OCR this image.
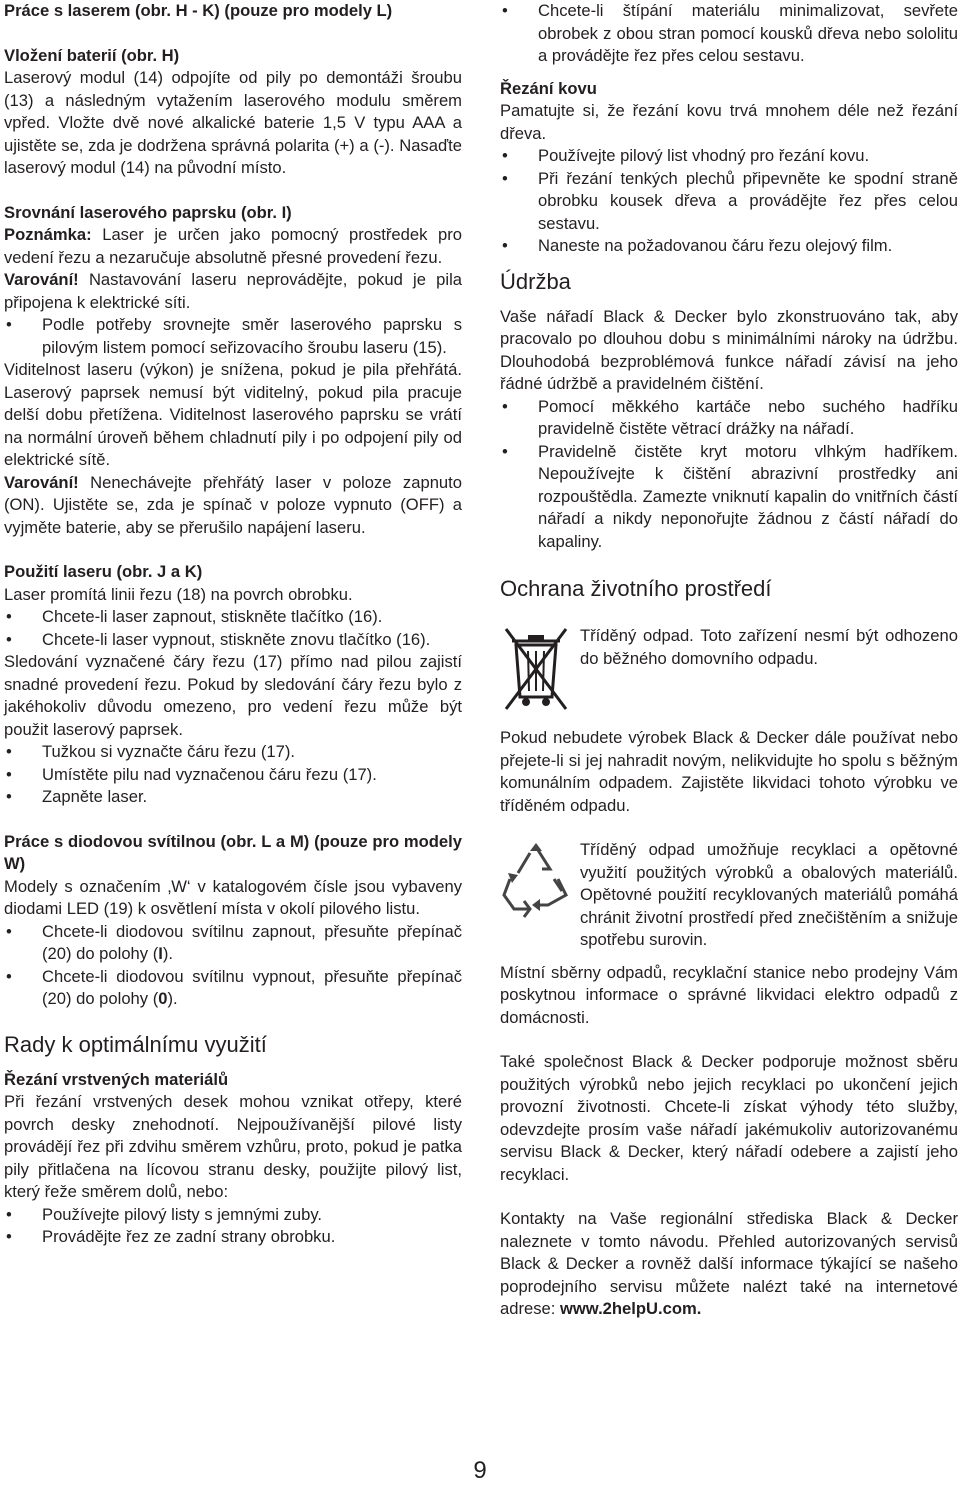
Práce s laserem (obr. H - K) (pouze pro modely L)

Vložení baterií (obr. H)

Laserový modul (14) odpojíte od pily po demontáži šroubu (13) a následným vytažením laserového modulu směrem vpřed. Vložte dvě nové alkalické baterie 1,5 V typu AAA a ujistěte se, zda je dodržena správná polarita (+) a (-). Nasaďte laserový modul (14) na původní místo.

Srovnání laserového paprsku (obr. I)

Poznámka: Laser je určen jako pomocný prostředek pro vedení řezu a nezaručuje absolutně přesné provedení řezu.

Varování! Nastavování laseru neprovádějte, pokud je pila připojena k elektrické síti.

• Podle potřeby srovnejte směr laserového paprsku s pilovým listem pomocí seřizovacího šroubu laseru (15).

Viditelnost laseru (výkon) je snížena, pokud je pila přehřátá. Laserový paprsek nemusí být viditelný, pokud pila pracuje delší dobu přetížena. Viditelnost laserového paprsku se vrátí na normální úroveň během chladnutí pily i po odpojení pily od elektrické sítě.

Varování! Nenechávejte přehřátý laser v poloze zapnuto (ON). Ujistěte se, zda je spínač v poloze vypnuto (OFF) a vyjměte baterie, aby se přerušilo napájení laseru.

Použití laseru (obr. J a K)

Laser promítá linii řezu (18) na povrch obrobku.

• Chcete-li laser zapnout, stiskněte tlačítko (16).
• Chcete-li laser vypnout, stiskněte znovu tlačítko (16).

Sledování vyznačené čáry řezu (17) přímo nad pilou zajistí snadné provedení řezu. Pokud by sledování čáry řezu bylo z jakéhokoliv důvodu omezeno, pro vedení řezu může být použit laserový paprsek.

• Tužkou si vyznačte čáru řezu (17).
• Umístěte pilu nad vyznačenou čáru řezu (17).
• Zapněte laser.

Práce s diodovou svítilnou (obr. L a M) (pouze pro modely W)

Modely s označením ‚W‘ v katalogovém čísle jsou vybaveny diodami LED (19) k osvětlení místa v okolí pilového listu.

• Chcete-li diodovou svítilnu zapnout, přesuňte přepínač (20) do polohy (I).
• Chcete-li diodovou svítilnu vypnout, přesuňte přepínač (20) do polohy (0).

Rady k optimálnímu využití

Řezání vrstvených materiálů

Při řezání vrstvených desek mohou vznikat otřepy, které povrch desky znehodnotí. Nejpoužívanější pilové listy provádějí řez při zdvihu směrem vzhůru, proto, pokud je patka pily přitlačena na lícovou stranu desky, použijte pilový list, který řeže směrem dolů, nebo:

• Používejte pilový listy s jemnými zuby.
• Provádějte řez ze zadní strany obrobku.
• Chcete-li štípání materiálu minimalizovat, sevřete obrobek z obou stran pomocí kousků dřeva nebo sololitu a provádějte řez přes celou sestavu.

Řezání kovu

Pamatujte si, že řezání kovu trvá mnohem déle než řezání dřeva.

• Používejte pilový list vhodný pro řezání kovu.
• Při řezání tenkých plechů připevněte ke spodní straně obrobku kousek dřeva a provádějte řez přes celou sestavu.
• Naneste na požadovanou čáru řezu olejový film.

Údržba

Vaše nářadí Black & Decker bylo zkonstruováno tak, aby pracovalo po dlouhou dobu s minimálními nároky na údržbu. Dlouhodobá bezproblémová funkce nářadí závisí na jeho řádné údržbě a pravidelném čištění.

• Pomocí měkkého kartáče nebo suchého hadříku pravidelně čistěte větrací drážky na nářadí.
• Pravidelně čistěte kryt motoru vlhkým hadříkem. Nepoužívejte k čištění abrazivní prostředky ani rozpouštědla. Zamezte vniknutí kapalin do vnitřních částí nářadí a nikdy neponořujte žádnou z částí nářadí do kapaliny.

Ochrana životního prostředí

Tříděný odpad. Toto zařízení nesmí být odhozeno do běžného domovního odpadu.

Pokud nebudete výrobek Black & Decker dále používat nebo přejete-li si jej nahradit novým, nelikvidujte ho spolu s běžným komunálním odpadem. Zajistěte likvidaci tohoto výrobku ve tříděném odpadu.

Tříděný odpad umožňuje recyklaci a opětovné využití použitých výrobků a obalových materiálů. Opětovné použití recyklovaných materiálů pomáhá chránit životní prostředí před znečištěním a snižuje spotřebu surovin.

Místní sběrny odpadů, recyklační stanice nebo prodejny Vám poskytnou informace o správné likvidaci elektro odpadů z domácnosti.

Také společnost Black & Decker podporuje možnost sběru použitých výrobků nebo jejich recyklaci po ukončení jejich provozní životnosti. Chcete-li získat výhody této služby, odevzdejte prosím vaše nářadí jakémukoliv autorizovanému servisu Black & Decker, který nářadí odebere a zajistí jeho recyklaci.

Kontakty na Vaše regionální střediska Black & Decker naleznete v tomto návodu. Přehled autorizovaných servisů Black & Decker a rovněž další informace týkající se našeho poprodejního servisu můžete nalézt také na internetové adrese: www.2helpU.com.

9
